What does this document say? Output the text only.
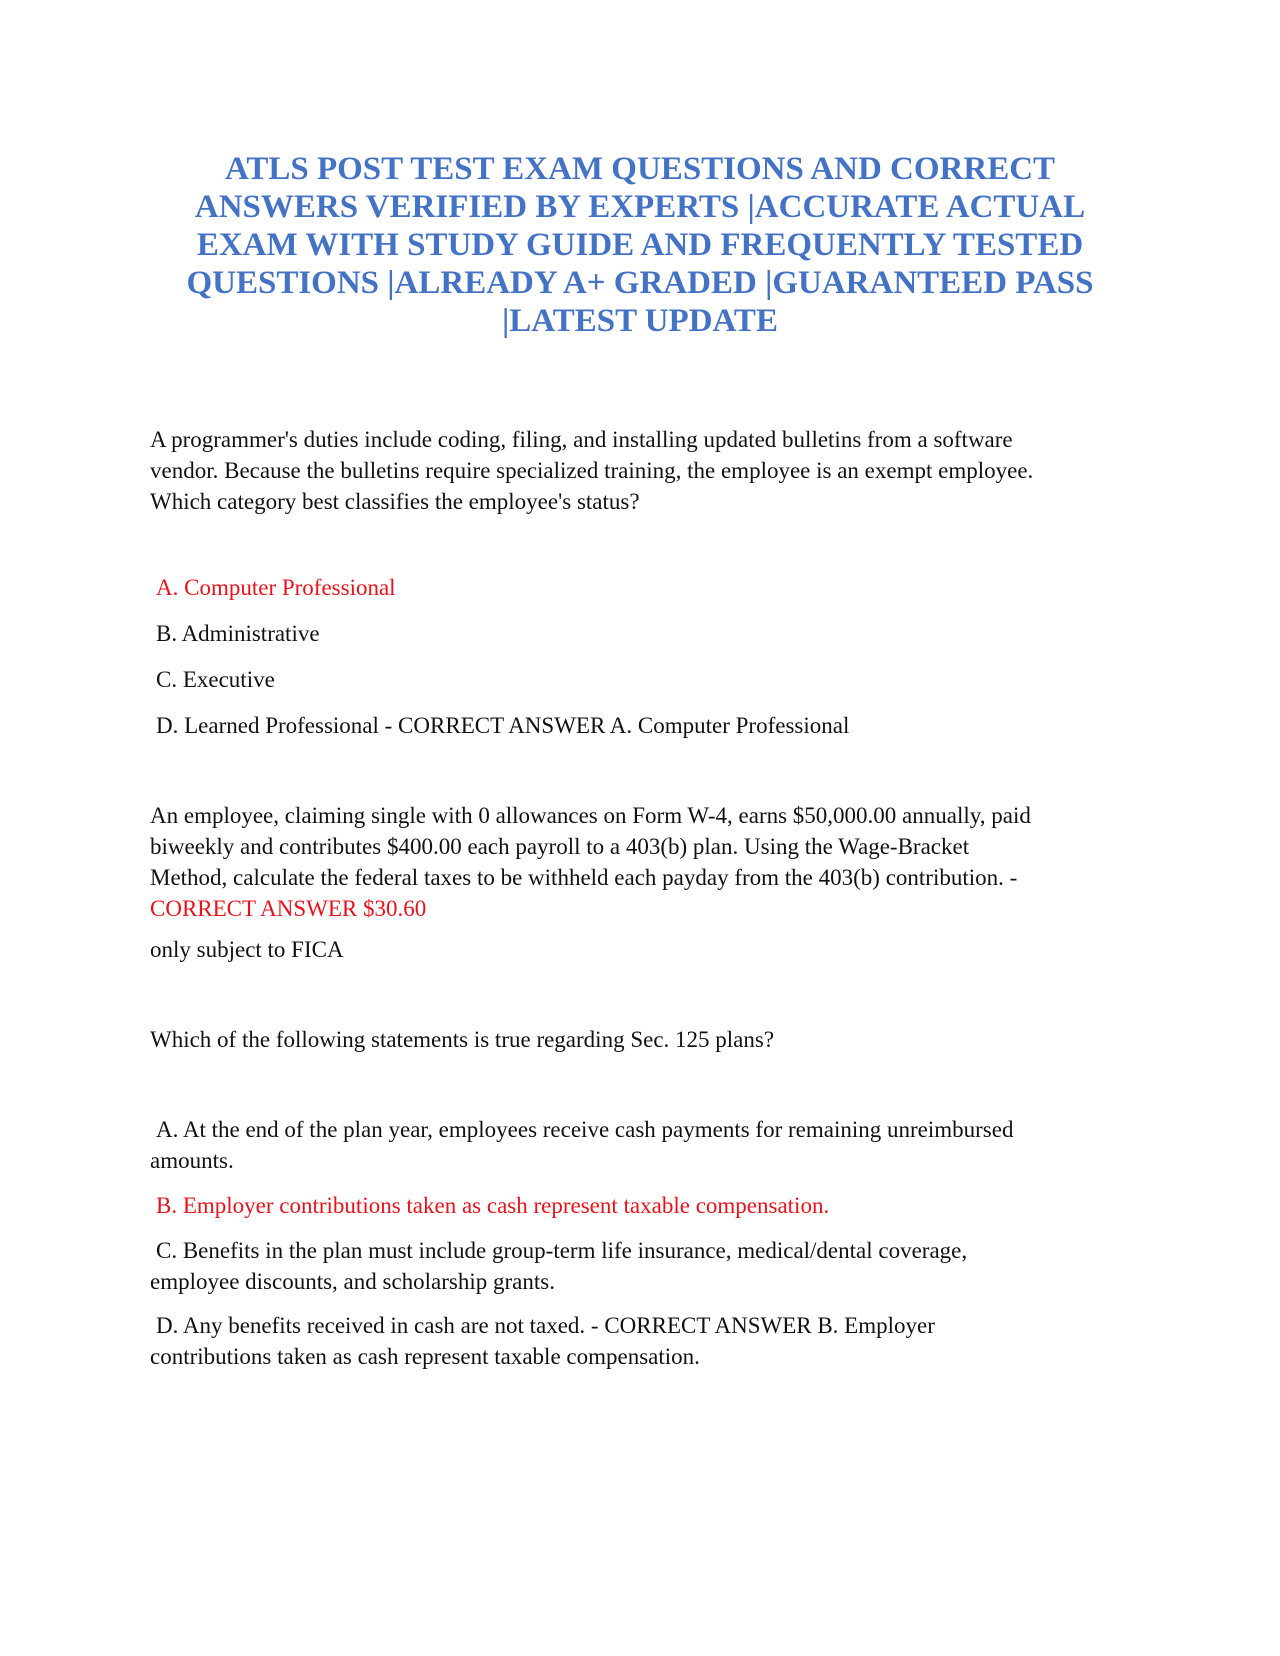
ATLS POST TEST EXAM QUESTIONS AND CORRECT
ANSWERS VERIFIED BY EXPERTS |ACCURATE ACTUAL
EXAM WITH STUDY GUIDE AND FREQUENTLY TESTED
QUESTIONS |ALREADY A+ GRADED |GUARANTEED PASS
|LATEST UPDATE

A programmer's duties include coding, filing, and installing updated bulletins from a software
vendor. Because the bulletins require specialized training, the employee is an exempt employee.
Which category best classifies the employee's status?

A. Computer Professional

B. Administrative

C. Executive

D. Learned Professional - CORRECT ANSWER A. Computer Professional

An employee, claiming single with 0 allowances on Form W-4, earns $50,000.00 annually, paid
biweekly and contributes $400.00 each payroll to a 403(b) plan. Using the Wage-Bracket
Method, calculate the federal taxes to be withheld each payday from the 403(b) contribution. -
CORRECT ANSWER $30.60

only subject to FICA

Which of the following statements is true regarding Sec. 125 plans?

A. At the end of the plan year, employees receive cash payments for remaining unreimbursed
amounts.

B. Employer contributions taken as cash represent taxable compensation.

C. Benefits in the plan must include group-term life insurance, medical/dental coverage,
employee discounts, and scholarship grants.

D. Any benefits received in cash are not taxed. - CORRECT ANSWER B. Employer
contributions taken as cash represent taxable compensation.
